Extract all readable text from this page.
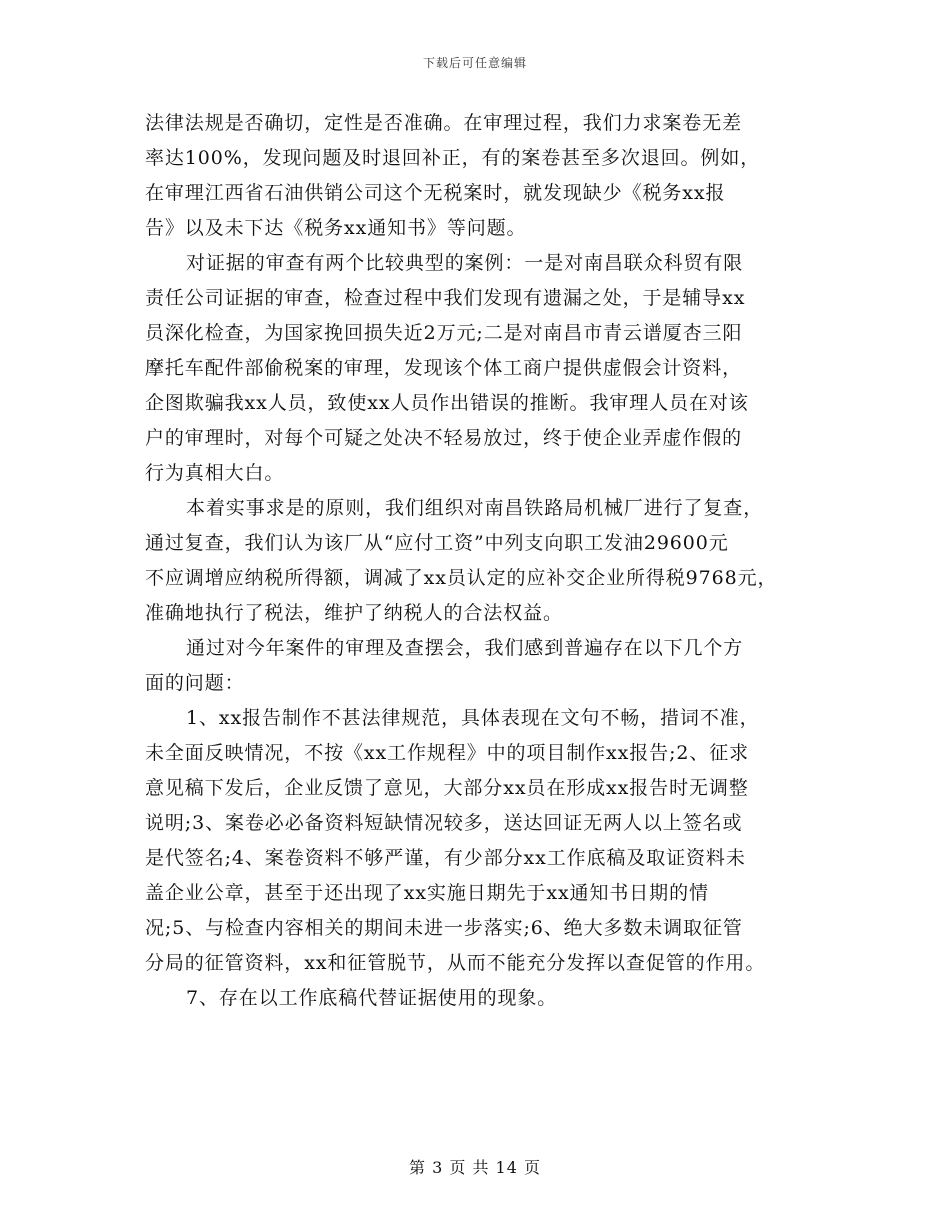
下载后可任意编辑
法律法规是否确切，定性是否准确。在审理过程，我们力求案卷无差
率达100%，发现问题及时退回补正，有的案卷甚至多次退回。例如，
在审理江西省石油供销公司这个无税案时，就发现缺少《税务xx报
告》以及未下达《税务xx通知书》等问题。
对证据的审查有两个比较典型的案例：一是对南昌联众科贸有限
责任公司证据的审查，检查过程中我们发现有遗漏之处，于是辅导xx
员深化检查，为国家挽回损失近2万元;二是对南昌市青云谱厦杏三阳
摩托车配件部偷税案的审理，发现该个体工商户提供虚假会计资料，
企图欺骗我xx人员，致使xx人员作出错误的推断。我审理人员在对该
户的审理时，对每个可疑之处决不轻易放过，终于使企业弄虚作假的
行为真相大白。
本着实事求是的原则，我们组织对南昌铁路局机械厂进行了复查，
通过复查，我们认为该厂从“应付工资”中列支向职工发油29600元
不应调增应纳税所得额，调减了xx员认定的应补交企业所得税9768元，
准确地执行了税法，维护了纳税人的合法权益。
通过对今年案件的审理及查摆会，我们感到普遍存在以下几个方
面的问题：
1、xx报告制作不甚法律规范，具体表现在文句不畅，措词不准，
未全面反映情况，不按《xx工作规程》中的项目制作xx报告;2、征求
意见稿下发后，企业反馈了意见，大部分xx员在形成xx报告时无调整
说明;3、案卷必必备资料短缺情况较多，送达回证无两人以上签名或
是代签名;4、案卷资料不够严谨，有少部分xx工作底稿及取证资料未
盖企业公章，甚至于还出现了xx实施日期先于xx通知书日期的情
况;5、与检查内容相关的期间未进一步落实;6、绝大多数未调取征管
分局的征管资料，xx和征管脱节，从而不能充分发挥以查促管的作用。
7、存在以工作底稿代替证据使用的现象。
第 3 页 共 14 页
